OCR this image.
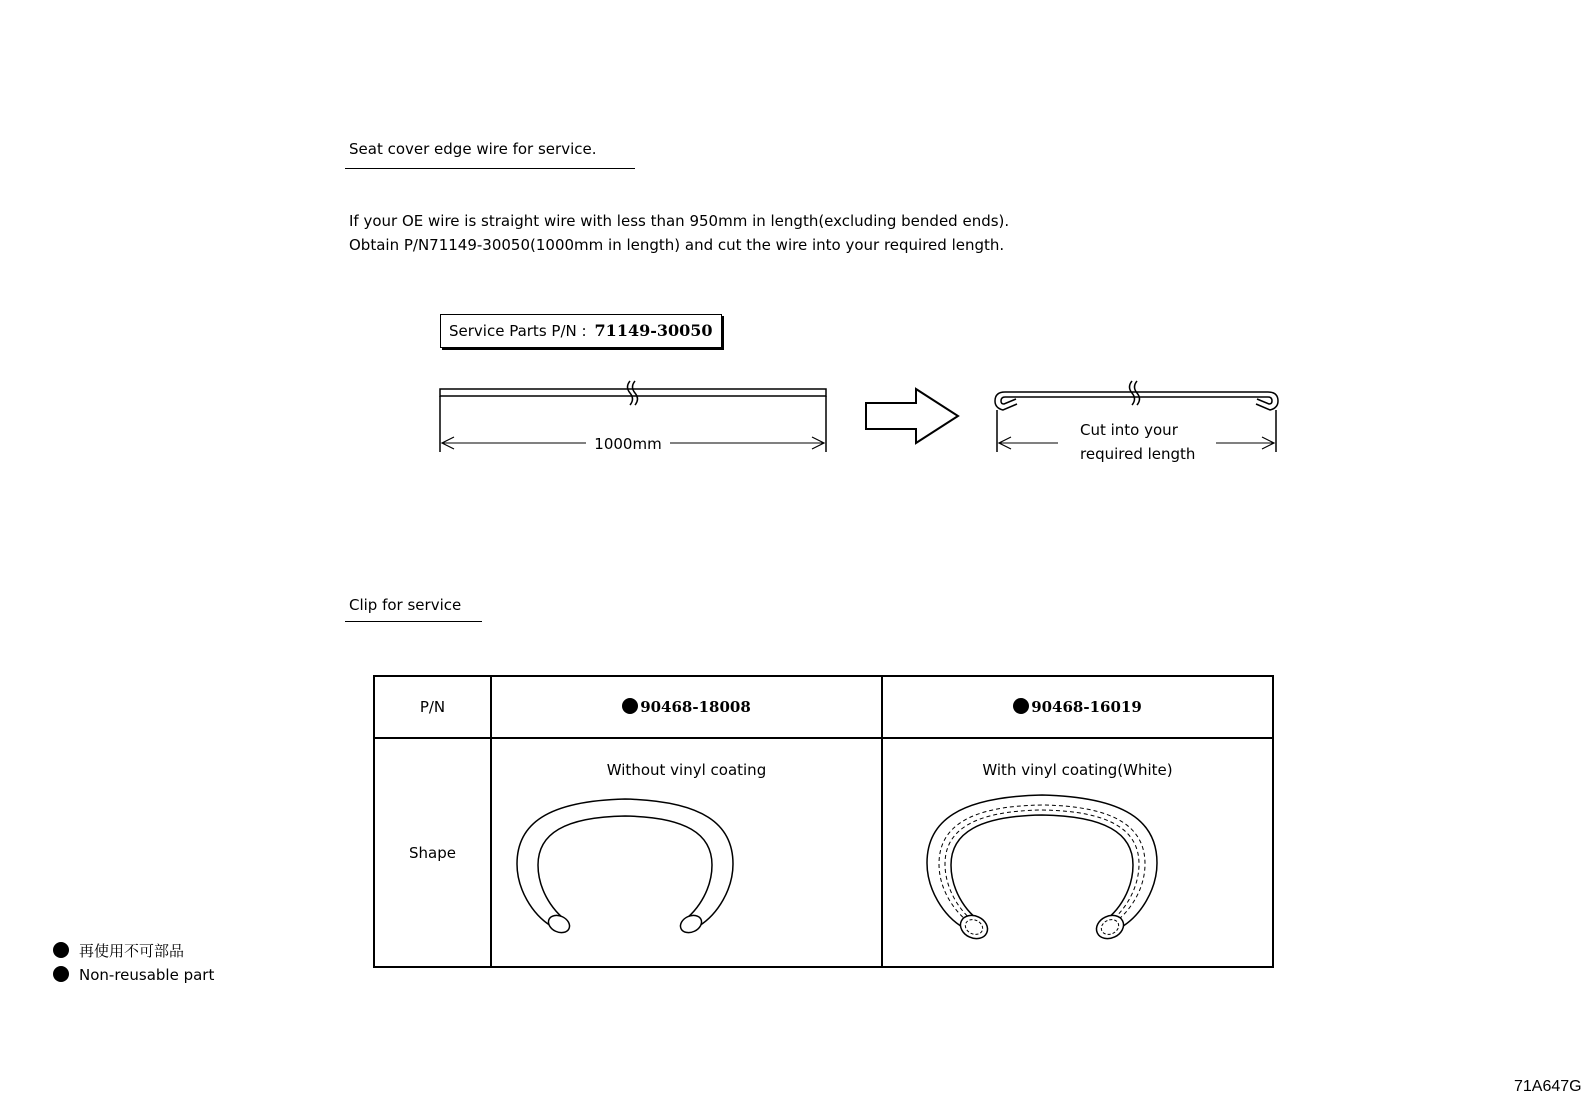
Seat cover edge wire for service.
If your OE wire is straight wire with less than 950mm in length(excluding bended ends).
Obtain P/N71149-30050(1000mm in length) and cut the wire into your required length.
Service Parts P/N : 71149-30050
1000mm
Cut into your
required length
Clip for service
P/N	90468-18008	90468-16019
Shape	Without vinyl coating	With vinyl coating(White)
再使用不可部品
Non-reusable part
71A647G
